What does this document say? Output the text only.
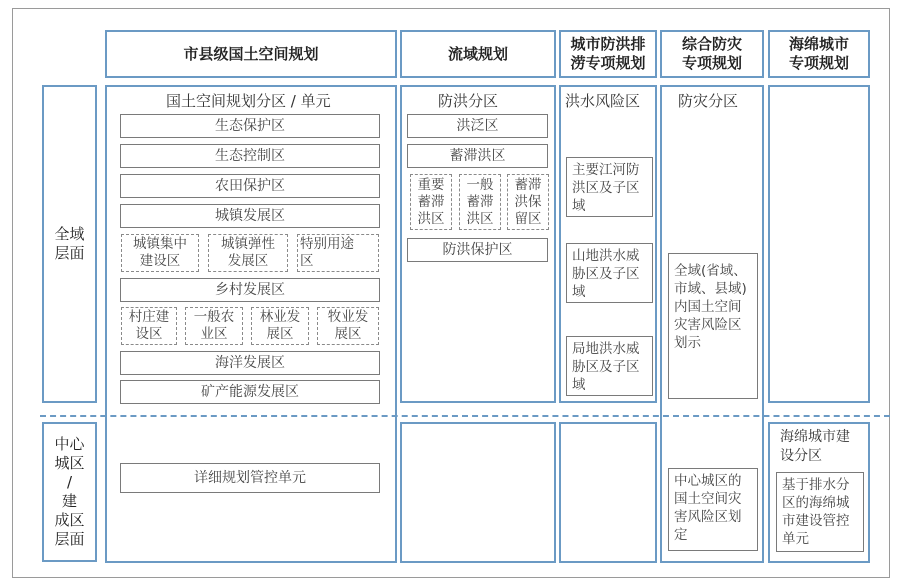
市县级国土空间规划	流域规划
城市防洪排
涝专项规划
综合防灾
专项规划
海绵城市
专项规划
全域
层面
中心
城区
/
建
成区
层面
国土空间规划分区 / 单元
生态保护区
生态控制区
农田保护区
城镇发展区
城镇集中
建设区
城镇弹性
发展区
特别用途
区
乡村发展区
村庄建
设区
一般农
业区
林业发
展区
牧业发
展区
海洋发展区
矿产能源发展区
详细规划管控单元
防洪分区
洪泛区
蓄滞洪区
重要
蓄滞
洪区
一般
蓄滞
洪区
蓄滞
洪保
留区
防洪保护区
洪水风险区
主要江河防
洪区及子区
域
山地洪水威
胁区及子区
域
局地洪水威
胁区及子区
域
防灾分区
全域(省域、
市域、县域)
内国土空间
灾害风险区
划示
中心城区的
国土空间灾
害风险区划
定
海绵城市建
设分区
基于排水分
区的海绵城
市建设管控
单元
